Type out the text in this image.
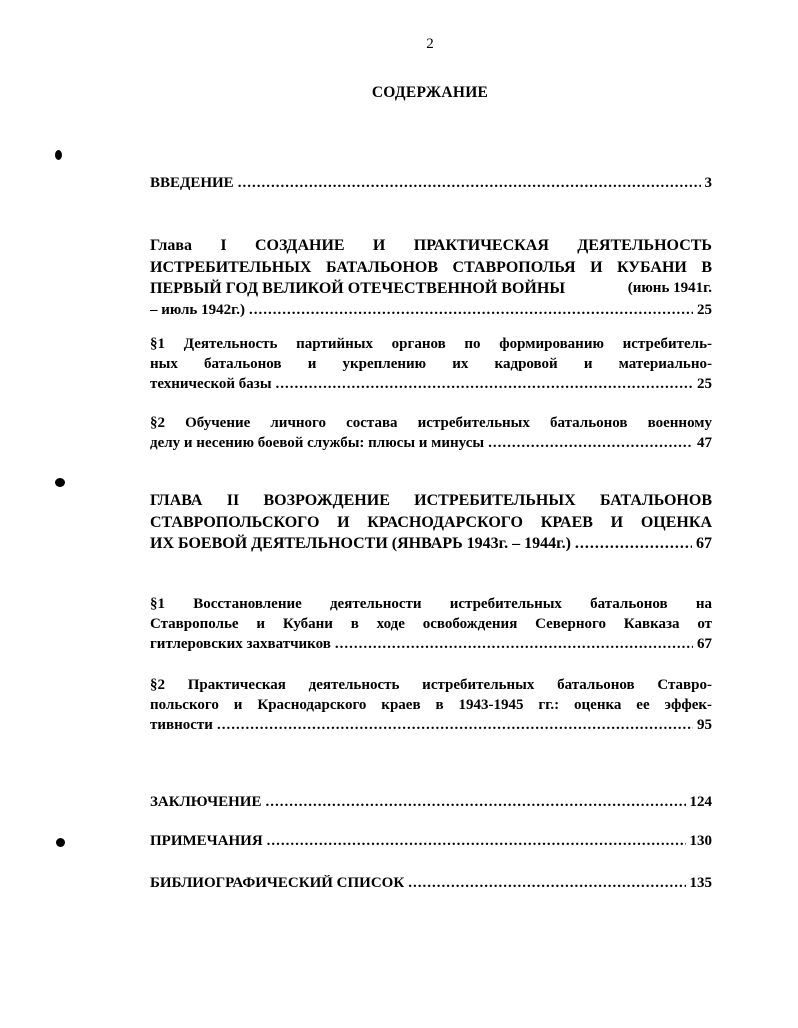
2
СОДЕРЖАНИЕ
ВВЕДЕНИЕ .....	3
Глава I СОЗДАНИЕ И ПРАКТИЧЕСКАЯ ДЕЯТЕЛЬНОСТЬ
ИСТРЕБИТЕЛЬНЫХ БАТАЛЬОНОВ СТАВРОПОЛЬЯ И КУБАНИ В
ПЕРВЫЙ ГОД ВЕЛИКОЙ ОТЕЧЕСТВЕННОЙ ВОЙНЫ	(июнь 1941г.
– июль 1942г.) .....	25
§1 Деятельность партийных органов по формированию истребитель-
ных батальонов и укреплению их кадровой и материально-
технической базы .....	25
§2 Обучение личного состава истребительных батальонов военному
делу и несению боевой службы: плюсы и минусы .....	47
ГЛАВА II ВОЗРОЖДЕНИЕ ИСТРЕБИТЕЛЬНЫХ БАТАЛЬОНОВ
СТАВРОПОЛЬСКОГО И КРАСНОДАРСКОГО КРАЕВ И ОЦЕНКА
ИХ БОЕВОЙ ДЕЯТЕЛЬНОСТИ (ЯНВАРЬ 1943г. – 1944г.) .....	67
§1 Восстановление деятельности истребительных батальонов на
Ставрополье и Кубани в ходе освобождения Северного Кавказа от
гитлеровских захватчиков .....	67
§2 Практическая деятельность истребительных батальонов Ставро-
польского и Краснодарского краев в 1943-1945 гг.: оценка ее эффек-
тивности .....	95
ЗАКЛЮЧЕНИЕ .....	124
ПРИМЕЧАНИЯ .....	130
БИБЛИОГРАФИЧЕСКИЙ СПИСОК .....	135
